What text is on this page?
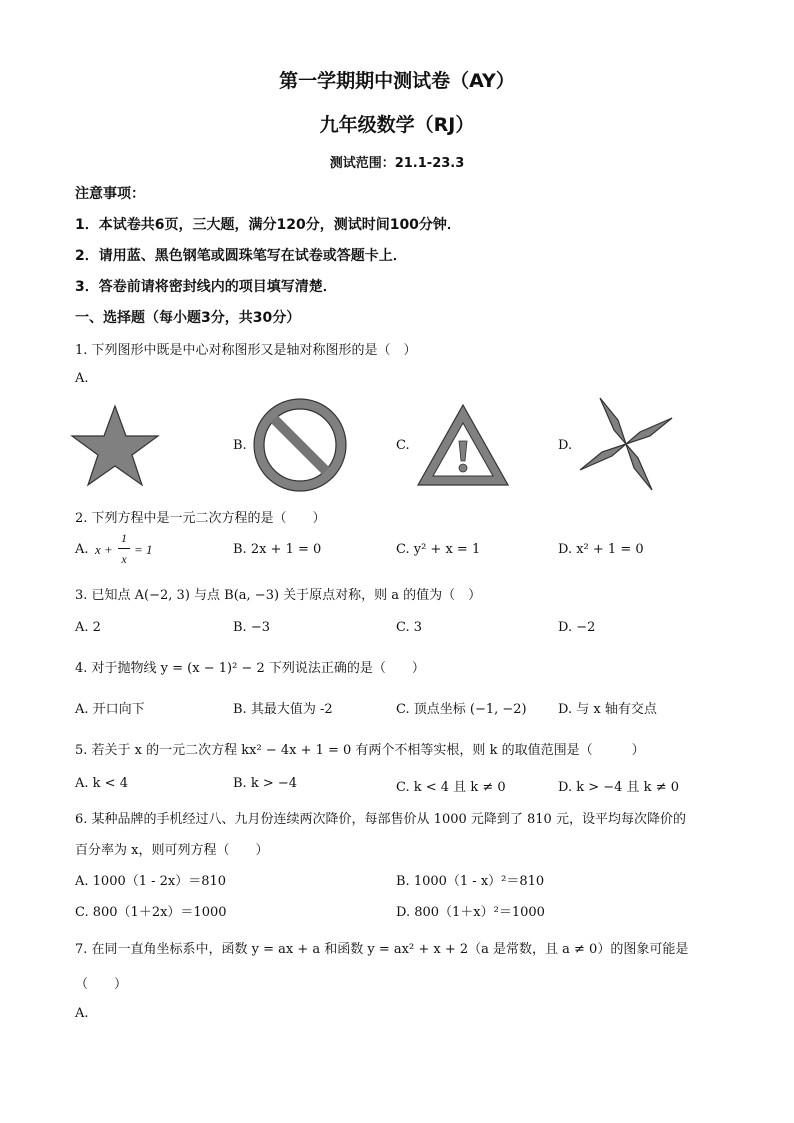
第一学期期中测试卷（AY）
九年级数学（RJ）
测试范围：21.1-23.3
注意事项：
1．本试卷共6页，三大题，满分120分，测试时间100分钟．
2．请用蓝、黑色钢笔或圆珠笔写在试卷或答题卡上．
3．答卷前请将密封线内的项目填写清楚．
一、选择题（每小题3分，共30分）
1. 下列图形中既是中心对称图形又是轴对称图形的是（　）
A.
B.	C.	D.
2. 下列方程中是一元二次方程的是（　　）
A. x +
1
x
= 1	B. 2x + 1 = 0	C. y² + x = 1	D. x² + 1 = 0
3. 已知点 A(−2, 3) 与点 B(a, −3) 关于原点对称，则 a 的值为（　）
A. 2	B. −3	C. 3	D. −2
4. 对于抛物线 y = (x − 1)² − 2 下列说法正确的是（　　）
A. 开口向下	B. 其最大值为 -2	C. 顶点坐标 (−1, −2) D. 与 x 轴有交点
5. 若关于 x 的一元二次方程 kx² − 4x + 1 = 0 有两个不相等实根，则 k 的取值范围是（　　　）
A. k < 4	B. k > −4	C. k < 4 且 k ≠ 0	D. k > −4 且 k ≠ 0
6. 某种品牌的手机经过八、九月份连续两次降价，每部售价从 1000 元降到了 810 元，设平均每次降价的
百分率为 x，则可列方程（　　）
A. 1000（1 - 2x）＝810	B. 1000（1 - x）²＝810
C. 800（1＋2x）＝1000	D. 800（1＋x）²＝1000
7. 在同一直角坐标系中，函数 y = ax + a 和函数 y = ax² + x + 2（a 是常数，且 a ≠ 0）的图象可能是
（　　）
A.
